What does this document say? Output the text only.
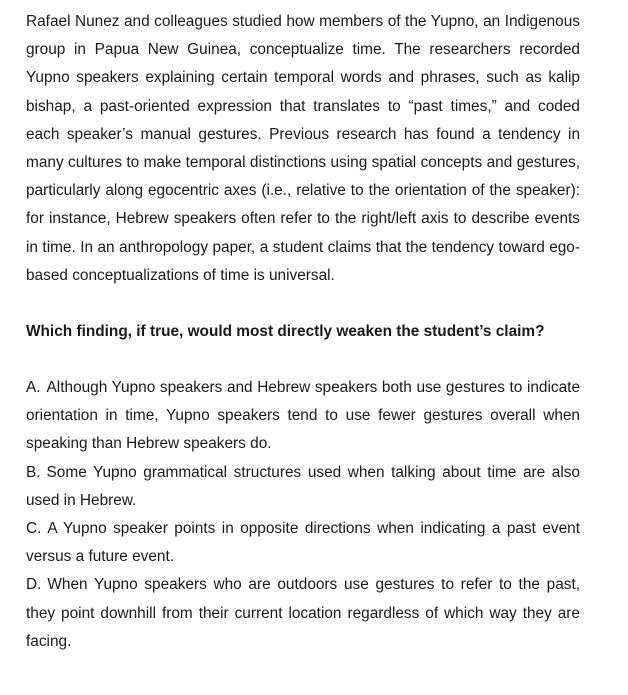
Rafael Nunez and colleagues studied how members of the Yupno, an Indigenous group in Papua New Guinea, conceptualize time. The researchers recorded Yupno speakers explaining certain temporal words and phrases, such as kalip bishap, a past-oriented expression that translates to “past times,” and coded each speaker’s manual gestures. Previous research has found a tendency in many cultures to make temporal distinctions using spatial concepts and gestures, particularly along egocentric axes (i.e., relative to the orientation of the speaker): for instance, Hebrew speakers often refer to the right/left axis to describe events in time. In an anthropology paper, a student claims that the tendency toward ego-based conceptualizations of time is universal.

Which finding, if true, would most directly weaken the student’s claim?

A. Although Yupno speakers and Hebrew speakers both use gestures to indicate orientation in time, Yupno speakers tend to use fewer gestures overall when speaking than Hebrew speakers do.
B. Some Yupno grammatical structures used when talking about time are also used in Hebrew.
C. A Yupno speaker points in opposite directions when indicating a past event versus a future event.
D. When Yupno speakers who are outdoors use gestures to refer to the past, they point downhill from their current location regardless of which way they are facing.
